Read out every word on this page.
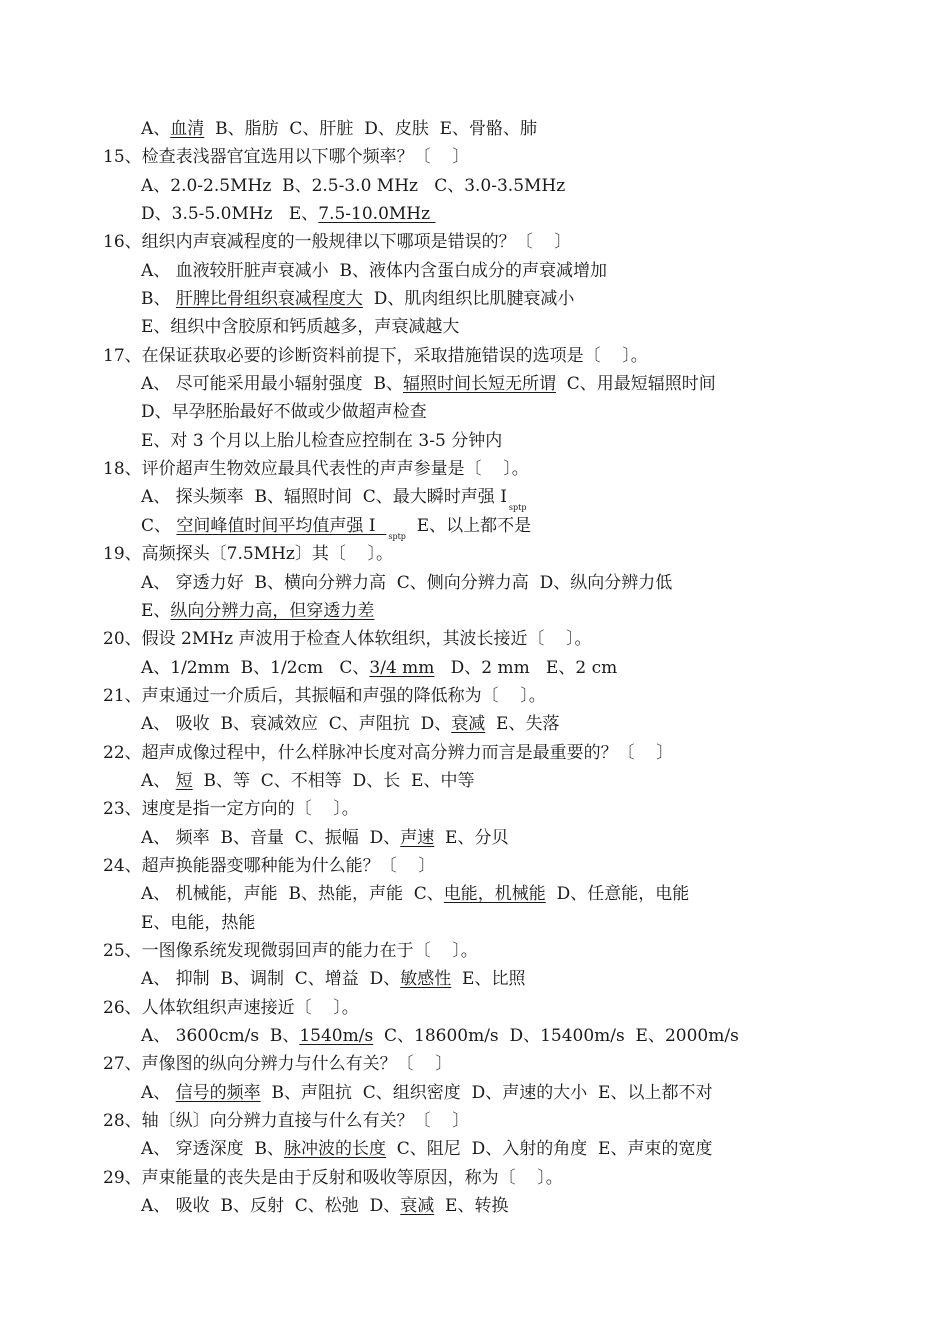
A、血清  B、脂肪  C、肝脏  D、皮肤  E、骨骼、肺
15、检查表浅器官宜选用以下哪个频率？〔    〕
A、2.0-2.5MHz  B、2.5-3.0 MHz   C、3.0-3.5MHz
D、3.5-5.0MHz   E、7.5-10.0MHz
16、组织内声衰减程度的一般规律以下哪项是错误的？〔    〕
A、 血液较肝脏声衰减小  B、液体内含蛋白成分的声衰减增加
B、 肝脾比骨组织衰减程度大  D、肌肉组织比肌腱衰减小
E、组织中含胶原和钙质越多，声衰减越大
17、在保证获取必要的诊断资料前提下，采取措施错误的选项是〔    〕。
A、 尽可能采用最小辐射强度  B、辐照时间长短无所谓  C、用最短辐照时间
D、早孕胚胎最好不做或少做超声检查
E、对 3 个月以上胎儿检查应控制在 3-5 分钟内
18、评价超声生物效应最具代表性的声声参量是〔    〕。
A、 探头频率  B、辐照时间  C、最大瞬时声强 $I_{sptp}$
C、 空间峰值时间平均值声强 I  $_{sptp}$  E、以上都不是
19、高频探头〔7.5MHz〕其〔    〕。
A、 穿透力好  B、横向分辨力高  C、侧向分辨力高  D、纵向分辨力低
E、纵向分辨力高，但穿透力差
20、假设 2MHz 声波用于检查人体软组织，其波长接近〔    〕。
A、1/2mm  B、1/2cm   C、3/4 mm   D、2 mm   E、2 cm
21、声束通过一介质后，其振幅和声强的降低称为〔    〕。
A、 吸收  B、衰减效应  C、声阻抗  D、衰减  E、失落
22、超声成像过程中，什么样脉冲长度对高分辨力而言是最重要的？〔    〕
A、 短  B、等  C、不相等  D、长  E、中等
23、速度是指一定方向的〔    〕。
A、 频率  B、音量  C、振幅  D、声速  E、分贝
24、超声换能器变哪种能为什么能？〔    〕
A、 机械能，声能  B、热能，声能  C、电能，机械能  D、任意能，电能
E、电能，热能
25、一图像系统发现微弱回声的能力在于〔    〕。
A、 抑制  B、调制  C、增益  D、敏感性  E、比照
26、人体软组织声速接近〔    〕。
A、 3600cm/s  B、1540m/s  C、18600m/s  D、15400m/s  E、2000m/s
27、声像图的纵向分辨力与什么有关？〔    〕
A、 信号的频率  B、声阻抗  C、组织密度  D、声速的大小  E、以上都不对
28、轴〔纵〕向分辨力直接与什么有关？〔    〕
A、 穿透深度  B、脉冲波的长度  C、阻尼  D、入射的角度  E、声束的宽度
29、声束能量的丧失是由于反射和吸收等原因，称为〔    〕。
A、 吸收  B、反射  C、松弛  D、衰减  E、转换
